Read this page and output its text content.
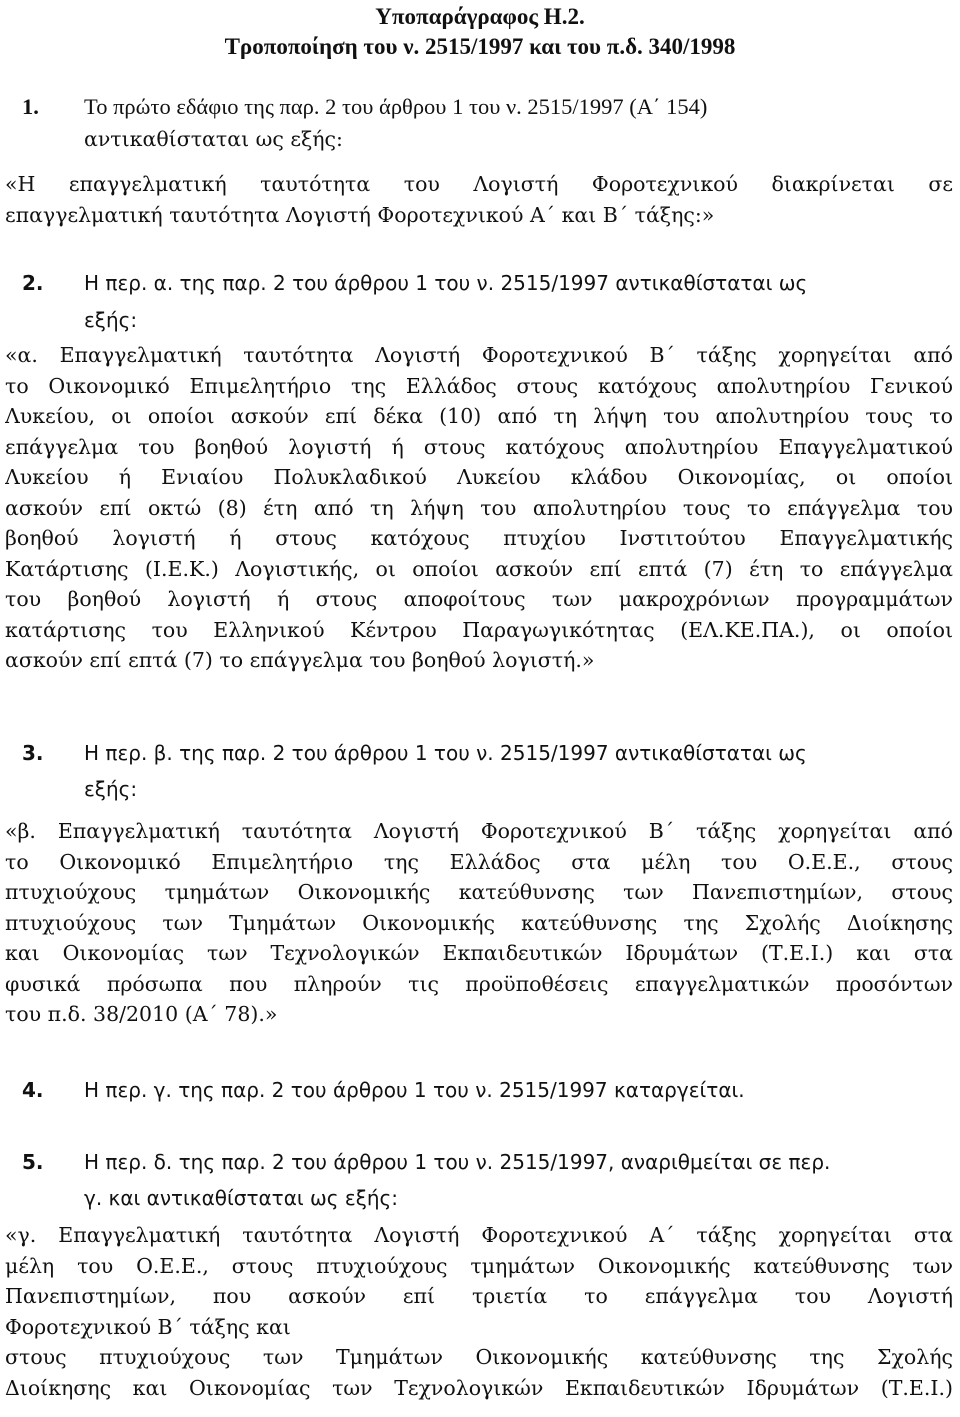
Υποπαράγραφος Η.2.
Τροποποίηση του ν. 2515/1997 και του π.δ. 340/1998
1. Το πρώτο εδάφιο της παρ. 2 του άρθρου 1 του ν. 2515/1997 (Α΄ 154)
αντικαθίσταται ως εξής:
«Η επαγγελματική ταυτότητα του Λογιστή Φοροτεχνικού διακρίνεται σε
επαγγελματική ταυτότητα Λογιστή Φοροτεχνικού Α΄ και Β΄ τάξης:»
2. Η περ. α. της παρ. 2 του άρθρου 1 του ν. 2515/1997 αντικαθίσταται ως
εξής:
«α. Επαγγελματική ταυτότητα Λογιστή Φοροτεχνικού Β΄ τάξης χορηγείται από
το Οικονομικό Επιμελητήριο της Ελλάδος στους κατόχους απολυτηρίου Γενικού
Λυκείου, οι οποίοι ασκούν επί δέκα (10) από τη λήψη του απολυτηρίου τους το
επάγγελμα του βοηθού λογιστή ή στους κατόχους απολυτηρίου Επαγγελματικού
Λυκείου ή Ενιαίου Πολυκλαδικού Λυκείου κλάδου Οικονομίας, οι οποίοι
ασκούν επί οκτώ (8) έτη από τη λήψη του απολυτηρίου τους το επάγγελμα του
βοηθού λογιστή ή στους κατόχους πτυχίου Ινστιτούτου Επαγγελματικής
Κατάρτισης (Ι.Ε.Κ.) Λογιστικής, οι οποίοι ασκούν επί επτά (7) έτη το επάγγελμα
του βοηθού λογιστή ή στους αποφοίτους των μακροχρόνιων προγραμμάτων
κατάρτισης του Ελληνικού Κέντρου Παραγωγικότητας (ΕΛ.ΚΕ.ΠΑ.), οι οποίοι
ασκούν επί επτά (7) το επάγγελμα του βοηθού λογιστή.»
3. Η περ. β. της παρ. 2 του άρθρου 1 του ν. 2515/1997 αντικαθίσταται ως
εξής:
«β. Επαγγελματική ταυτότητα Λογιστή Φοροτεχνικού Β΄ τάξης χορηγείται από
το Οικονομικό Επιμελητήριο της Ελλάδος στα μέλη του Ο.Ε.Ε., στους
πτυχιούχους τμημάτων Οικονομικής κατεύθυνσης των Πανεπιστημίων, στους
πτυχιούχους των Τμημάτων Οικονομικής κατεύθυνσης της Σχολής Διοίκησης
και Οικονομίας των Τεχνολογικών Εκπαιδευτικών Ιδρυμάτων (Τ.Ε.Ι.) και στα
φυσικά πρόσωπα που πληρούν τις προϋποθέσεις επαγγελματικών προσόντων
του π.δ. 38/2010 (Α΄ 78).»
4. Η περ. γ. της παρ. 2 του άρθρου 1 του ν. 2515/1997 καταργείται.
5. Η περ. δ. της παρ. 2 του άρθρου 1 του ν. 2515/1997, αναριθμείται σε περ.
γ. και αντικαθίσταται ως εξής:
«γ. Επαγγελματική ταυτότητα Λογιστή Φοροτεχνικού Α΄ τάξης χορηγείται στα
μέλη του Ο.Ε.Ε., στους πτυχιούχους τμημάτων Οικονομικής κατεύθυνσης των
Πανεπιστημίων, που ασκούν επί τριετία το επάγγελμα του Λογιστή
Φοροτεχνικού Β΄ τάξης και
στους πτυχιούχους των Τμημάτων Οικονομικής κατεύθυνσης της Σχολής
Διοίκησης και Οικονομίας των Τεχνολογικών Εκπαιδευτικών Ιδρυμάτων (Τ.Ε.Ι.)
